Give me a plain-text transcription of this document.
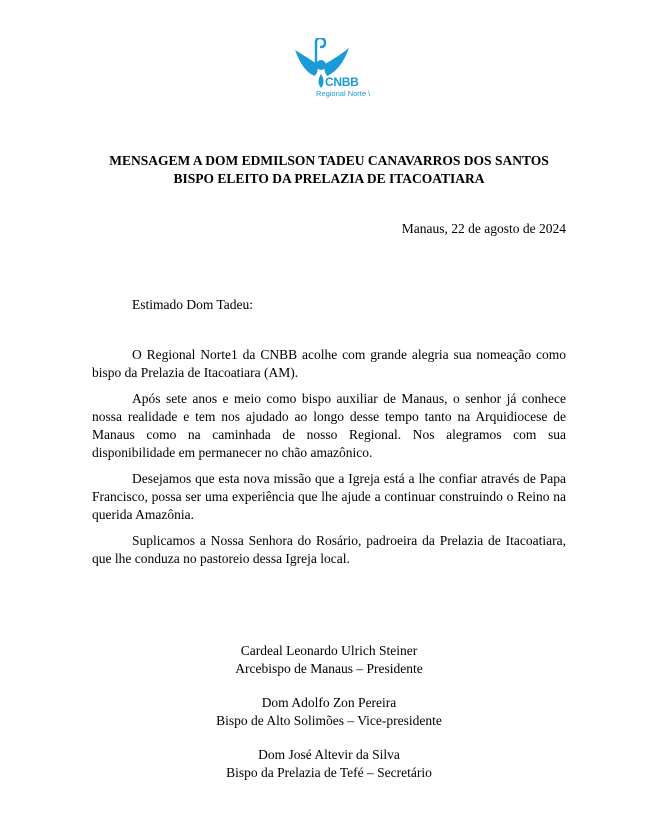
CNBB
Regional Norte \
MENSAGEM A DOM EDMILSON TADEU CANAVARROS DOS SANTOS
BISPO ELEITO DA PRELAZIA DE ITACOATIARA
Manaus, 22 de agosto de 2024
Estimado Dom Tadeu:

O Regional Norte1 da CNBB acolhe com grande alegria sua nomeação como bispo da Prelazia de Itacoatiara (AM).

Após sete anos e meio como bispo auxiliar de Manaus, o senhor já conhece nossa realidade e tem nos ajudado ao longo desse tempo tanto na Arquidiocese de Manaus como na caminhada de nosso Regional. Nos alegramos com sua disponibilidade em permanecer no chão amazônico.

Desejamos que esta nova missão que a Igreja está a lhe confiar através de Papa Francisco, possa ser uma experiência que lhe ajude a continuar construindo o Reino na querida Amazônia.

Suplicamos a Nossa Senhora do Rosário, padroeira da Prelazia de Itacoatiara, que lhe conduza no pastoreio dessa Igreja local.

Cardeal Leonardo Ulrich Steiner
Arcebispo de Manaus – Presidente
Dom Adolfo Zon Pereira
Bispo de Alto Solimões – Vice-presidente
Dom José Altevir da Silva
Bispo da Prelazia de Tefé – Secretário
